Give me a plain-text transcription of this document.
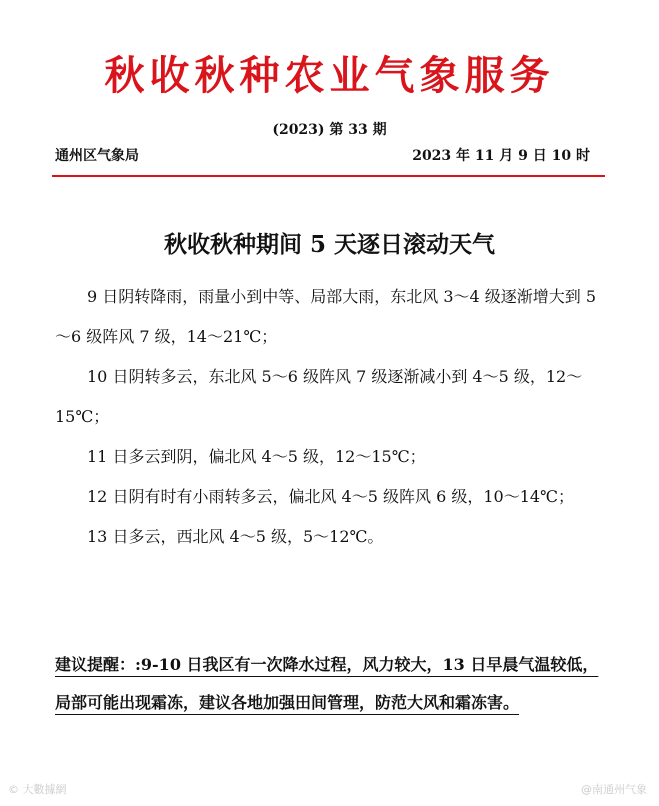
秋收秋种农业气象服务
(2023) 第 33 期
通州区气象局	2023 年 11 月 9 日 10 时
秋收秋种期间 5 天逐日滚动天气

9 日阴转降雨，雨量小到中等、局部大雨，东北风 3～4 级逐渐增大到 5～6 级阵风 7 级，14～21℃；

10 日阴转多云，东北风 5～6 级阵风 7 级逐渐减小到 4～5 级，12～15℃；

11 日多云到阴，偏北风 4～5 级，12～15℃；

12 日阴有时有小雨转多云，偏北风 4～5 级阵风 6 级，10～14℃；

13 日多云，西北风 4～5 级，5～12℃。

建议提醒：:9-10 日我区有一次降水过程，风力较大，13 日早晨气温较低，局部可能出现霜冻，建议各地加强田间管理，防范大风和霜冻害。
© 大數據網	@南通州气象
